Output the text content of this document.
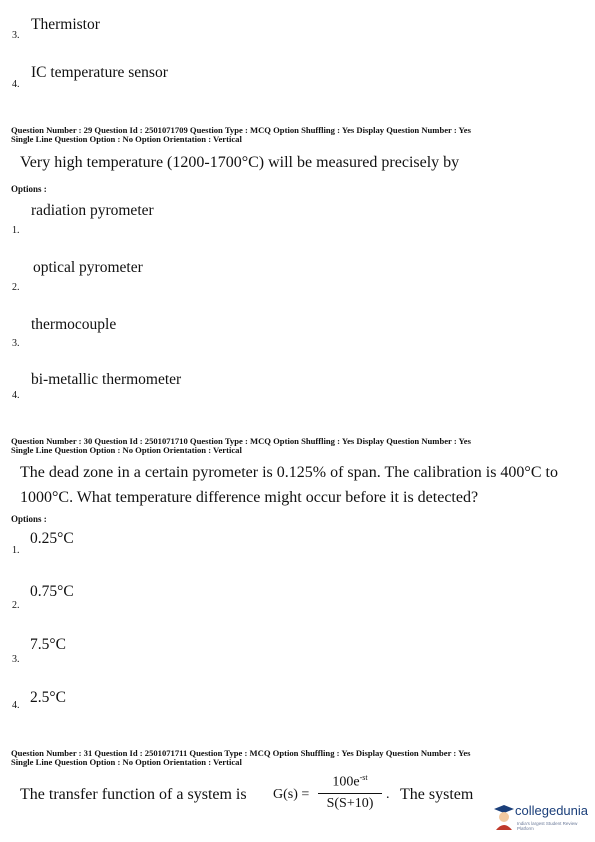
Thermistor
3.
IC temperature sensor
4.
Question Number : 29 Question Id : 2501071709 Question Type : MCQ Option Shuffling : Yes Display Question Number : Yes
Single Line Question Option : No Option Orientation : Vertical
Very high temperature (1200-1700°C) will be measured precisely by
Options :
radiation pyrometer
1.
optical pyrometer
2.
thermocouple
3.
bi-metallic thermometer
4.
Question Number : 30 Question Id : 2501071710 Question Type : MCQ Option Shuffling : Yes Display Question Number : Yes
Single Line Question Option : No Option Orientation : Vertical
The dead zone in a certain pyrometer is 0.125% of span. The calibration is 400°C to
1000°C. What temperature difference might occur before it is detected?
Options :
0.25°C
1.
0.75°C
2.
7.5°C
3.
2.5°C
4.
Question Number : 31 Question Id : 2501071711 Question Type : MCQ Option Shuffling : Yes Display Question Number : Yes
Single Line Question Option : No Option Orientation : Vertical
The transfer function of a system is G(s) =
$100e^{-st}$
S(S+10)
. The system
collegedunia
India's largest Student Review Platform
